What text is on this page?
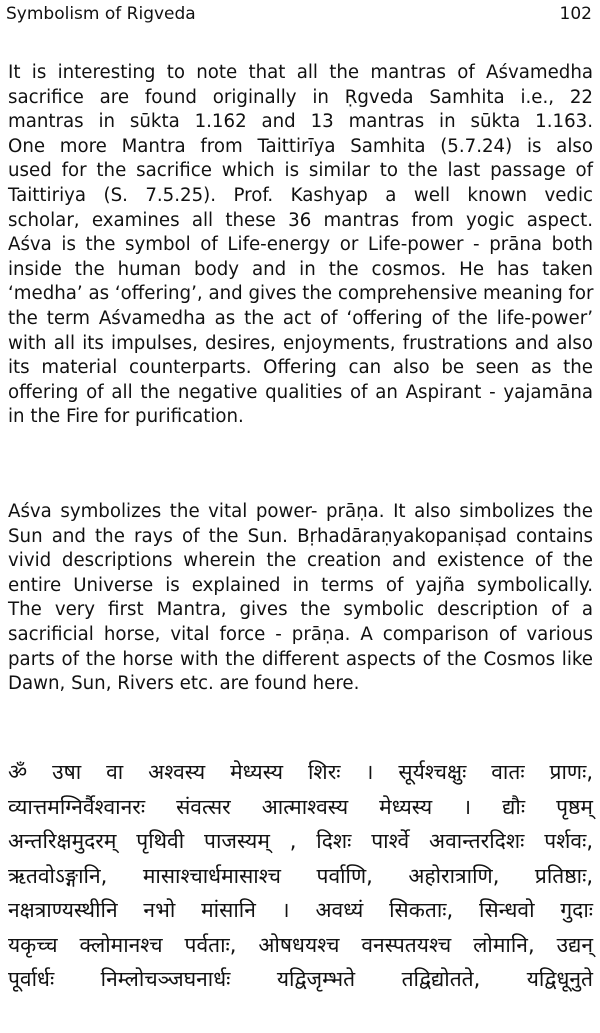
Symbolism of Rigveda	102
It is interesting to note that all the mantras of Aśvamedha
sacrifice are found originally in Ṛgveda Samhita i.e., 22
mantras in sūkta 1.162 and 13 mantras in sūkta 1.163.
One more Mantra from Taittirīya Samhita (5.7.24) is also
used for the sacrifice which is similar to the last passage of
Taittiriya (S. 7.5.25). Prof. Kashyap a well known vedic
scholar, examines all these 36 mantras from yogic aspect.
Aśva is the symbol of Life-energy or Life-power - prāna both
inside the human body and in the cosmos. He has taken
‘medha’ as ‘offering’, and gives the comprehensive meaning for
the term Aśvamedha as the act of ‘offering of the life-power’
with all its impulses, desires, enjoyments, frustrations and also
its material counterparts. Offering can also be seen as the
offering of all the negative qualities of an Aspirant - yajamāna
in the Fire for purification.
Aśva symbolizes the vital power- prāṇa. It also simbolizes the
Sun and the rays of the Sun. Bṛhadāraṇyakopaniṣad contains
vivid descriptions wherein the creation and existence of the
entire Universe is explained in terms of yajña symbolically.
The very first Mantra, gives the symbolic description of a
sacrificial horse, vital force - prāṇa. A comparison of various
parts of the horse with the different aspects of the Cosmos like
Dawn, Sun, Rivers etc. are found here.
ॐ उषा वा अश्वस्य मेध्यस्य शिरः । सूर्यश्चक्षुः वातः प्राणः,
व्यात्तमग्निर्वैश्वानरः संवत्सर आत्माश्वस्य मेध्यस्य । द्यौः पृष्ठम्
अन्तरिक्षमुदरम् पृथिवी पाजस्यम् , दिशः पार्श्वे अवान्तरदिशः पर्शवः,
ऋतवोऽङ्गानि, मासाश्चार्धमासाश्च पर्वाणि, अहोरात्राणि, प्रतिष्ठाः,
नक्षत्राण्यस्थीनि नभो मांसानि । अवध्यं सिकताः, सिन्धवो गुदाः
यकृच्च क्लोमानश्च पर्वताः, ओषधयश्च वनस्पतयश्च लोमानि, उद्यन्
पूर्वार्धः निम्लोचञ्जघनार्धः यद्विजृम्भते तद्विद्योतते, यद्विधूनुते
